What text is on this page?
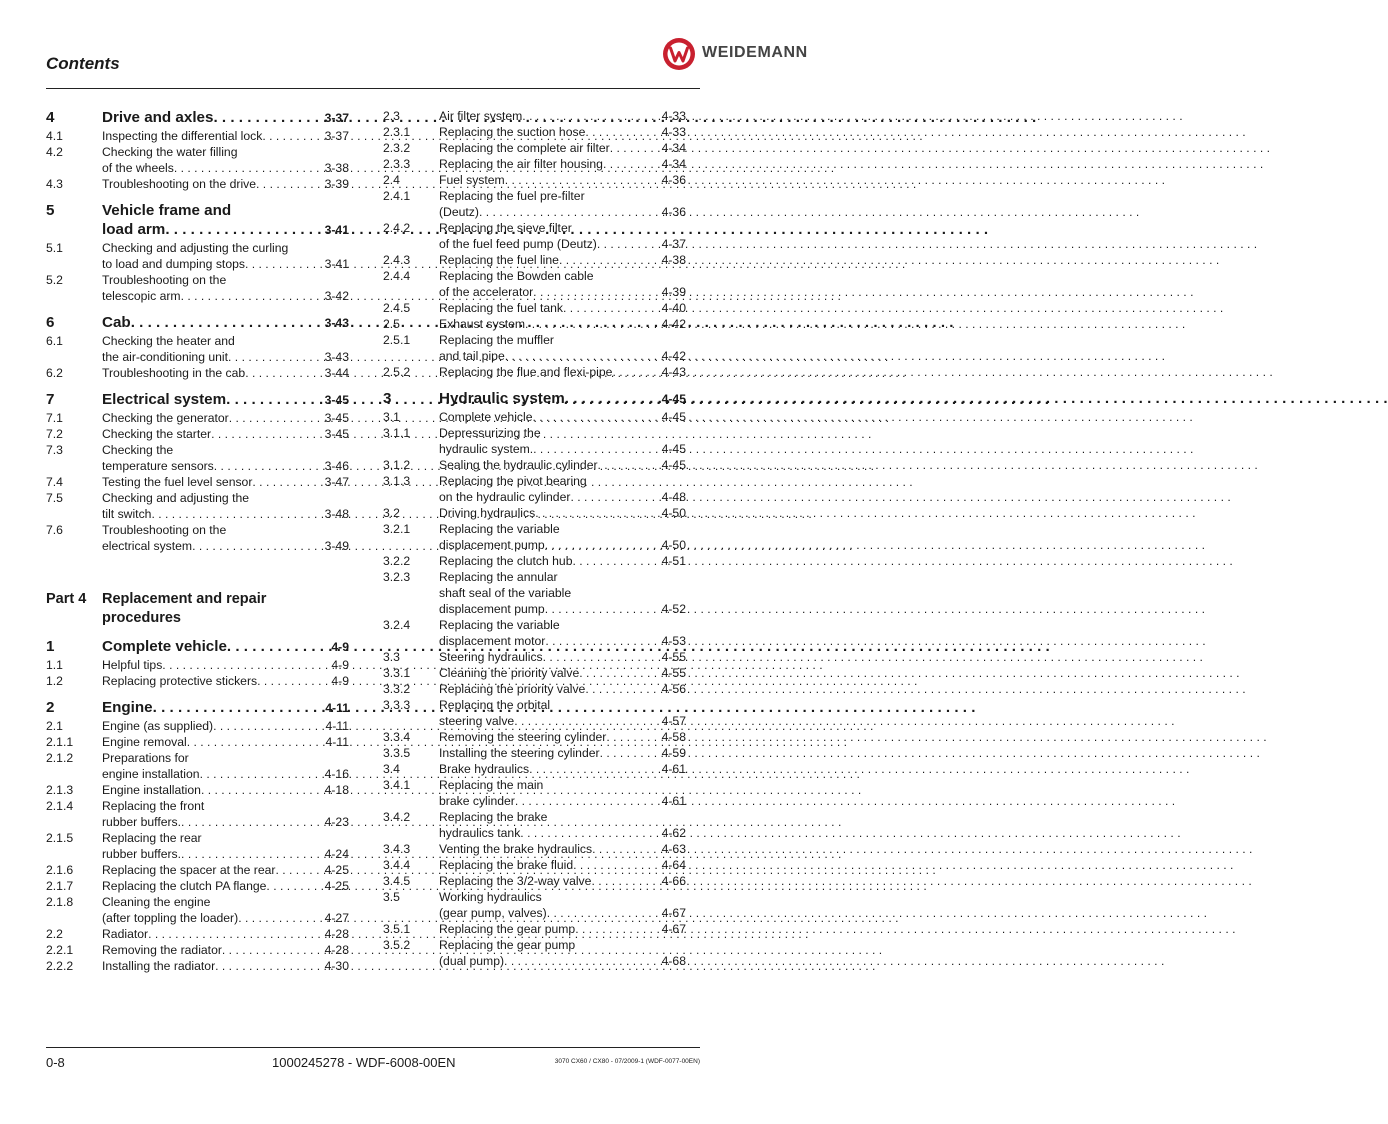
Contents
WEIDEMANN
4	Drive and axles . . .	3-37
4.1	Inspecting the differential lock . . .	3-37
4.2	Checking the water filling
of the wheels . . .	3-38
4.3	Troubleshooting on the drive . . .	3-39
5	Vehicle frame and
load arm . . .	3-41
5.1	Checking and adjusting the curling
to load and dumping stops . . .	3-41
5.2	Troubleshooting on the
telescopic arm . . .	3-42
6	Cab . . .	3-43
6.1	Checking the heater and
the air-conditioning unit . . .	3-43
6.2	Troubleshooting in the cab . . .	3-44
7	Electrical system . . .	3-45
7.1	Checking the generator . . .	3-45
7.2	Checking the starter . . .	3-45
7.3	Checking the
temperature sensors . . .	3-46
7.4	Testing the fuel level sensor . . .	3-47
7.5	Checking and adjusting the
tilt switch . . .	3-48
7.6	Troubleshooting on the
electrical system . . .	3-49
Part 4	Replacement and repair
procedures
1	Complete vehicle . . .	4-9
1.1	Helpful tips . . .	4-9
1.2	Replacing protective stickers . . .	4-9
2	Engine . . .	4-11
2.1	Engine (as supplied) . . .	4-11
2.1.1	Engine removal . . .	4-11
2.1.2	Preparations for
engine installation . . .	4-16
2.1.3	Engine installation . . .	4-18
2.1.4	Replacing the front
rubber buffers. . . .	4-23
2.1.5	Replacing the rear
rubber buffers. . . .	4-24
2.1.6	Replacing the spacer at the rear . . .	4-25
2.1.7	Replacing the clutch PA flange . . .	4-25
2.1.8	Cleaning the engine
(after toppling the loader) . . .	4-27
2.2	Radiator . . .	4-28
2.2.1	Removing the radiator . . .	4-28
2.2.2	Installing the radiator . . .	4-30
2.3	Air filter system . . .	4-33
2.3.1	Replacing the suction hose . . .	4-33
2.3.2	Replacing the complete air filter . . .	4-34
2.3.3	Replacing the air filter housing . . .	4-34
2.4	Fuel system . . .	4-36
2.4.1	Replacing the fuel pre-filter
(Deutz) . . .	4-36
2.4.2	Replacing the sieve filter
of the fuel feed pump (Deutz) . . .	4-37
2.4.3	Replacing the fuel line . . .	4-38
2.4.4	Replacing the Bowden cable
of the accelerator . . .	4-39
2.4.5	Replacing the fuel tank . . .	4-40
2.5	Exhaust system . . .	4-42
2.5.1	Replacing the muffler
and tail pipe . . .	4-42
2.5.2	Replacing the flue and flexi-pipe . . .	4-43
3	Hydraulic system . . .	4-45
3.1	Complete vehicle . . .	4-45
3.1.1	Depressurizing the
hydraulic system. . . .	4-45
3.1.2	Sealing the hydraulic cylinder . . .	4-45
3.1.3	Replacing the pivot bearing
on the hydraulic cylinder . . .	4-48
3.2	Driving hydraulics . . .	4-50
3.2.1	Replacing the variable
displacement pump . . .	4-50
3.2.2	Replacing the clutch hub . . .	4-51
3.2.3	Replacing the annular
shaft seal of the variable
displacement pump . . .	4-52
3.2.4	Replacing the variable
displacement motor . . .	4-53
3.3	Steering hydraulics . . .	4-55
3.3.1	Cleaning the priority valve . . .	4-55
3.3.2	Replacing the priority valve . . .	4-56
3.3.3	Replacing the orbital
steering valve . . .	4-57
3.3.4	Removing the steering cylinder . . .	4-58
3.3.5	Installing the steering cylinder . . .	4-59
3.4	Brake hydraulics . . .	4-61
3.4.1	Replacing the main
brake cylinder . . .	4-61
3.4.2	Replacing the brake
hydraulics tank . . .	4-62
3.4.3	Venting the brake hydraulics . . .	4-63
3.4.4	Replacing the brake fluid . . .	4-64
3.4.5	Replacing the 3/2-way valve . . .	4-66
3.5	Working hydraulics
(gear pump, valves) . . .	4-67
3.5.1	Replacing the gear pump . . .	4-67
3.5.2	Replacing the gear pump
(dual pump) . . .	4-68
0-8	1000245278 - WDF-6008-00EN	3070 CX60 / CX80 - 07/2009-1 (WDF-0077-00EN)
